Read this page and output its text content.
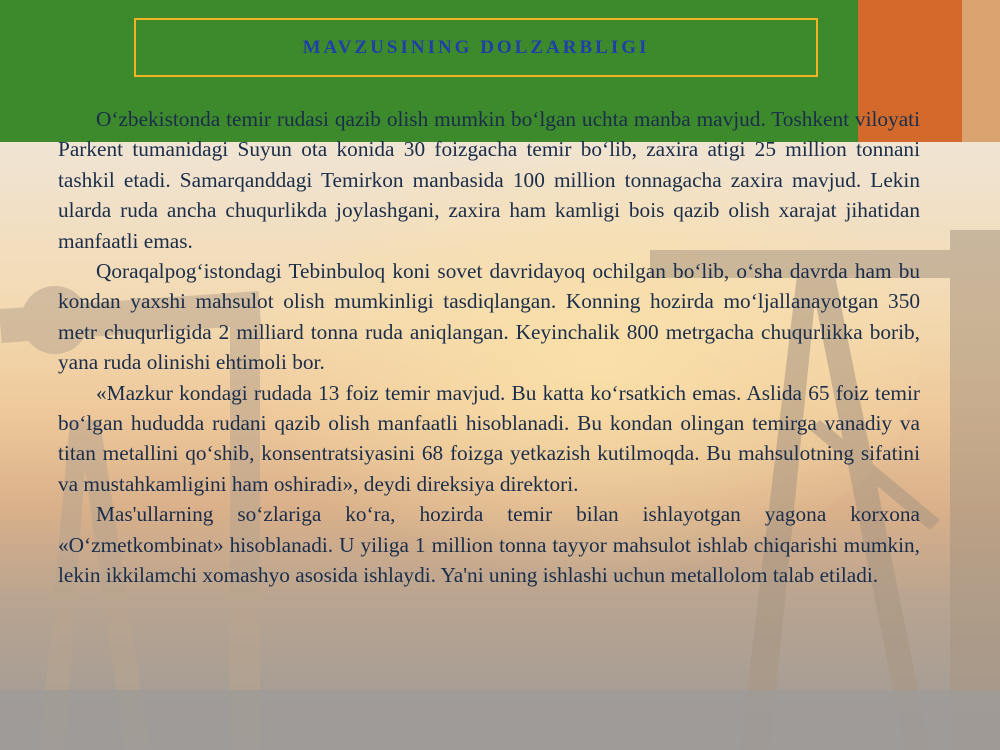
MAVZUSINING DOLZARBLIGI

O‘zbekistonda temir rudasi qazib olish mumkin bo‘lgan uchta manba mavjud. Toshkent viloyati Parkent tumanidagi Suyun ota konida 30 foizgacha temir bo‘lib, zaxira atigi 25 million tonnani tashkil etadi. Samarqanddagi Temirkon manbasida 100 million tonnagacha zaxira mavjud. Lekin ularda ruda ancha chuqurlikda joylashgani, zaxira ham kamligi bois qazib olish xarajat jihatidan manfaatli emas.

Qoraqalpog‘istondagi Tebinbuloq koni sovet davridayoq ochilgan bo‘lib, o‘sha davrda ham bu kondan yaxshi mahsulot olish mumkinligi tasdiqlangan. Konning hozirda mo‘ljallanayotgan 350 metr chuqurligida 2 milliard tonna ruda aniqlangan. Keyinchalik 800 metrgacha chuqurlikka borib, yana ruda olinishi ehtimoli bor.

«Mazkur kondagi rudada 13 foiz temir mavjud. Bu katta ko‘rsatkich emas. Aslida 65 foiz temir bo‘lgan hududda rudani qazib olish manfaatli hisoblanadi. Bu kondan olingan temirga vanadiy va titan metallini qo‘shib, konsentratsiyasini 68 foizga yetkazish kutilmoqda. Bu mahsulotning sifatini va mustahkamligini ham oshiradi», deydi direksiya direktori.

Mas'ullarning so‘zlariga ko‘ra, hozirda temir bilan ishlayotgan yagona korxona «O‘zmetkombinat» hisoblanadi. U yiliga 1 million tonna tayyor mahsulot ishlab chiqarishi mumkin, lekin ikkilamchi xomashyo asosida ishlaydi. Ya'ni uning ishlashi uchun metallolom talab etiladi.
